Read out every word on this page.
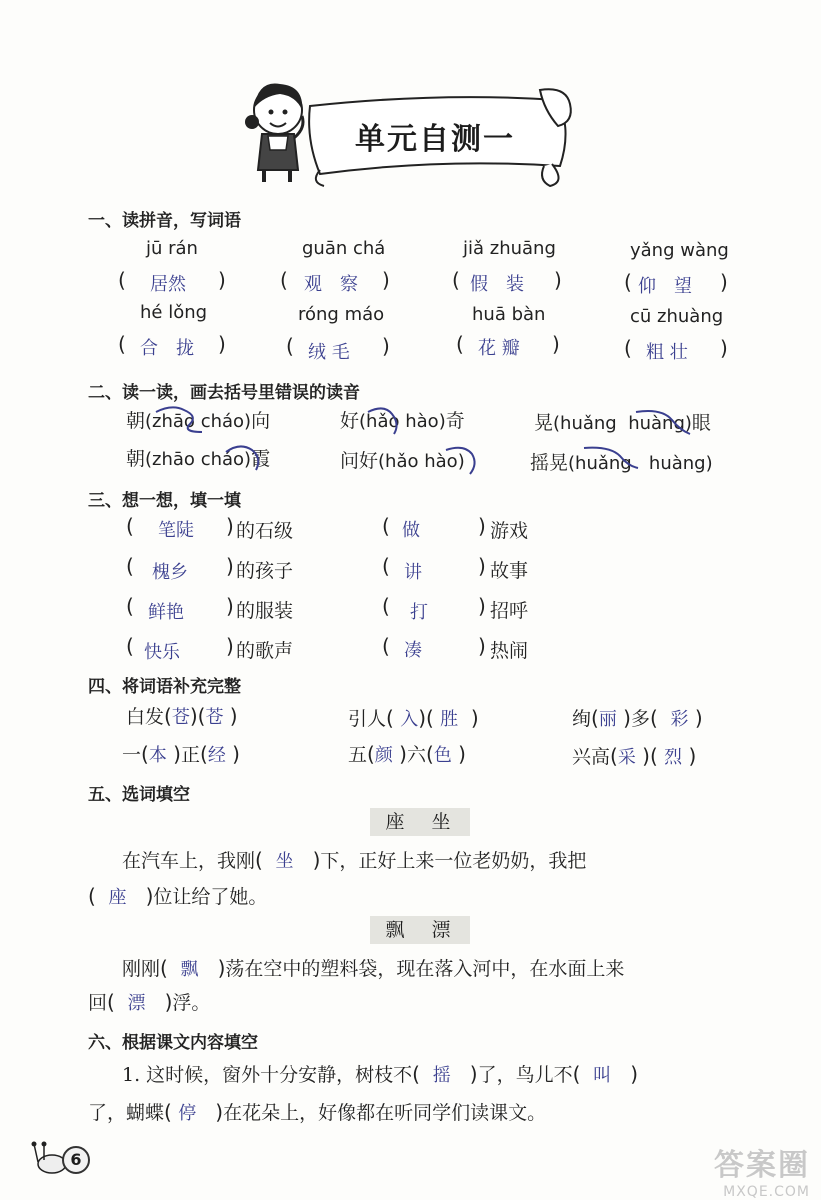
单元自测一
一、读拼音，写词语
jū rán	guān chá	jiǎ zhuāng	yǎng wàng
( 居然 )	( 观　察 )	( 假　装 )	( 仰　望 )
hé lǒng	róng máo	huā bàn	cū zhuàng
( 合　拢 )	( 绒 毛 )	( 花 瓣 )	( 粗 壮 )
二、读一读，画去括号里错误的读音
朝(zhāo cháo)向	好(hǎo hào)奇	晃(huǎng huàng)眼
朝(zhāo cháo)霞	问好(hǎo hào)	摇晃(huǎng huàng)
三、想一想，填一填
( 笔陡 ) 的石级	( 做	) 游戏
( 槐乡 ) 的孩子	( 讲	) 故事
( 鲜艳 ) 的服装	( 打	) 招呼
( 快乐 ) 的歌声	( 凑	) 热闹
四、将词语补充完整
白发(苍)(苍 )	引人( 入)( 胜  )	绚(丽 )多(  彩 )
一(本 )正(经 )	五(颜 )六(色 )	兴高(采 )( 烈 )
五、选词填空
座　坐
在汽车上，我刚(  坐   )下，正好上来一位老奶奶，我把
(  座   )位让给了她。
飘　漂
刚刚(  飘   )荡在空中的塑料袋，现在落入河中，在水面上来
回(  漂   )浮。
六、根据课文内容填空
1. 这时候，窗外十分安静，树枝不(  摇   )了，鸟儿不(  叫   )
了，蝴蝶( 停   )在花朵上，好像都在听同学们读课文。
6	答案圈
MXQE.COM
